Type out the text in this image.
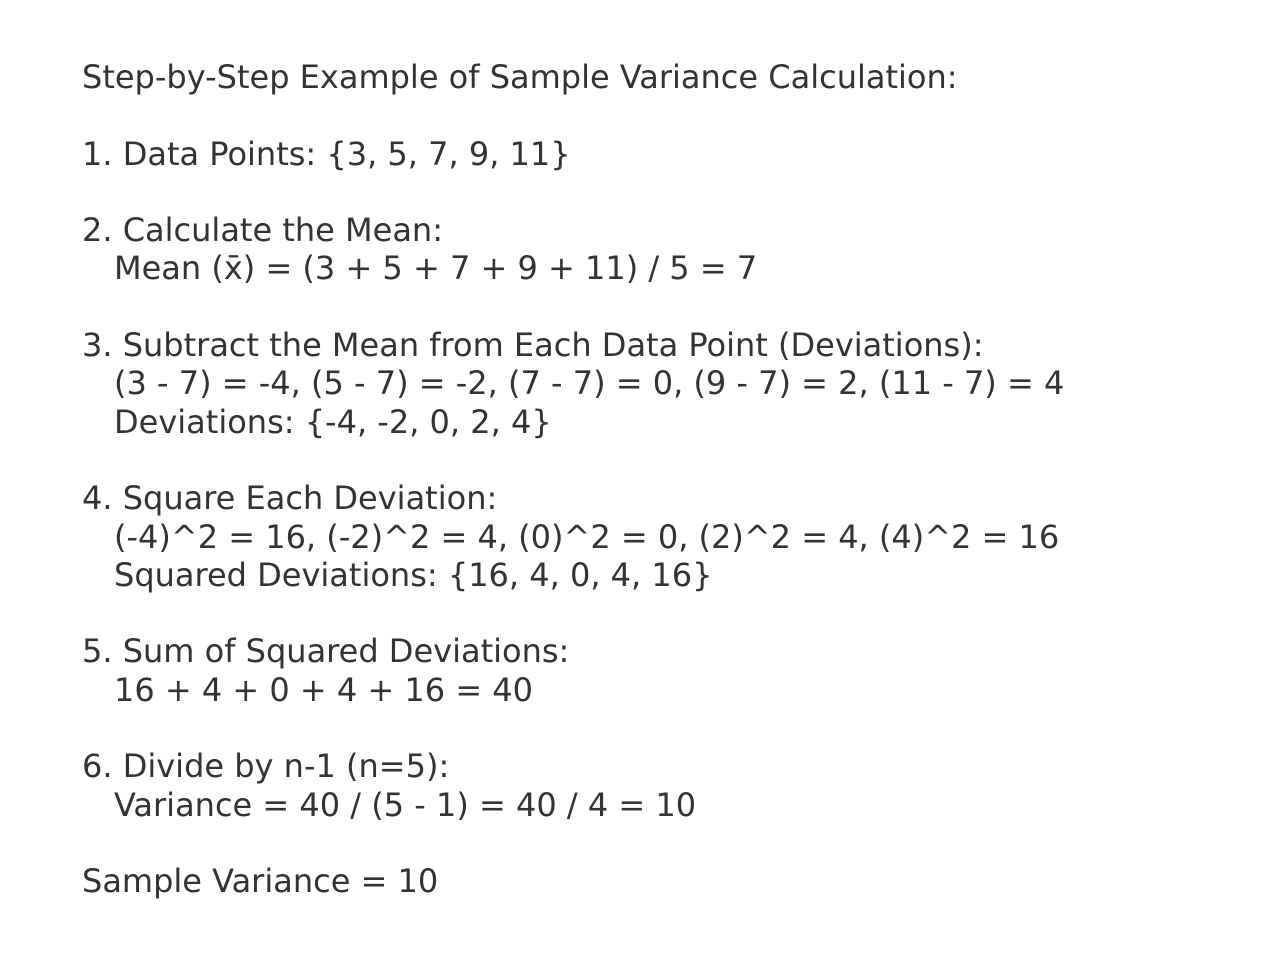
Step-by-Step Example of Sample Variance Calculation:
1. Data Points: {3, 5, 7, 9, 11}
2. Calculate the Mean:
Mean (x̄) = (3 + 5 + 7 + 9 + 11) / 5 = 7
3. Subtract the Mean from Each Data Point (Deviations):
(3 - 7) = -4, (5 - 7) = -2, (7 - 7) = 0, (9 - 7) = 2, (11 - 7) = 4
Deviations: {-4, -2, 0, 2, 4}
4. Square Each Deviation:
(-4)^2 = 16, (-2)^2 = 4, (0)^2 = 0, (2)^2 = 4, (4)^2 = 16
Squared Deviations: {16, 4, 0, 4, 16}
5. Sum of Squared Deviations:
16 + 4 + 0 + 4 + 16 = 40
6. Divide by n-1 (n=5):
Variance = 40 / (5 - 1) = 40 / 4 = 10
Sample Variance = 10
